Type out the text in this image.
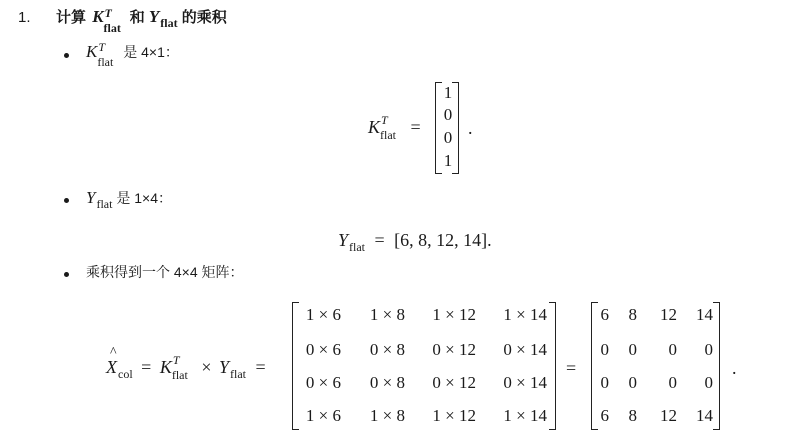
1. 计算 K T
flat
和 $Y_{flat}$ 的乘积
K T
flat
是 4×1：
K T
flat =
1
0
0
1
.
$Y_{flat}$ 是 1×4：
$Y_{flat} = [6$, 8, 12, 14].
乘积得到一个 4×4 矩阵：
X
^
$_{col}$ = K T
flat × $Y_{flat}$ =
1 × 6	1 × 8	1 × 12	1 × 14
0 × 6	0 × 8	0 × 12	0 × 14
0 × 6	0 × 8	0 × 12	0 × 14
1 × 6	1 × 8	1 × 12	1 × 14
=
6	8	12	14
0	0	0	0
0	0	0	0
6	8	12	14
.
